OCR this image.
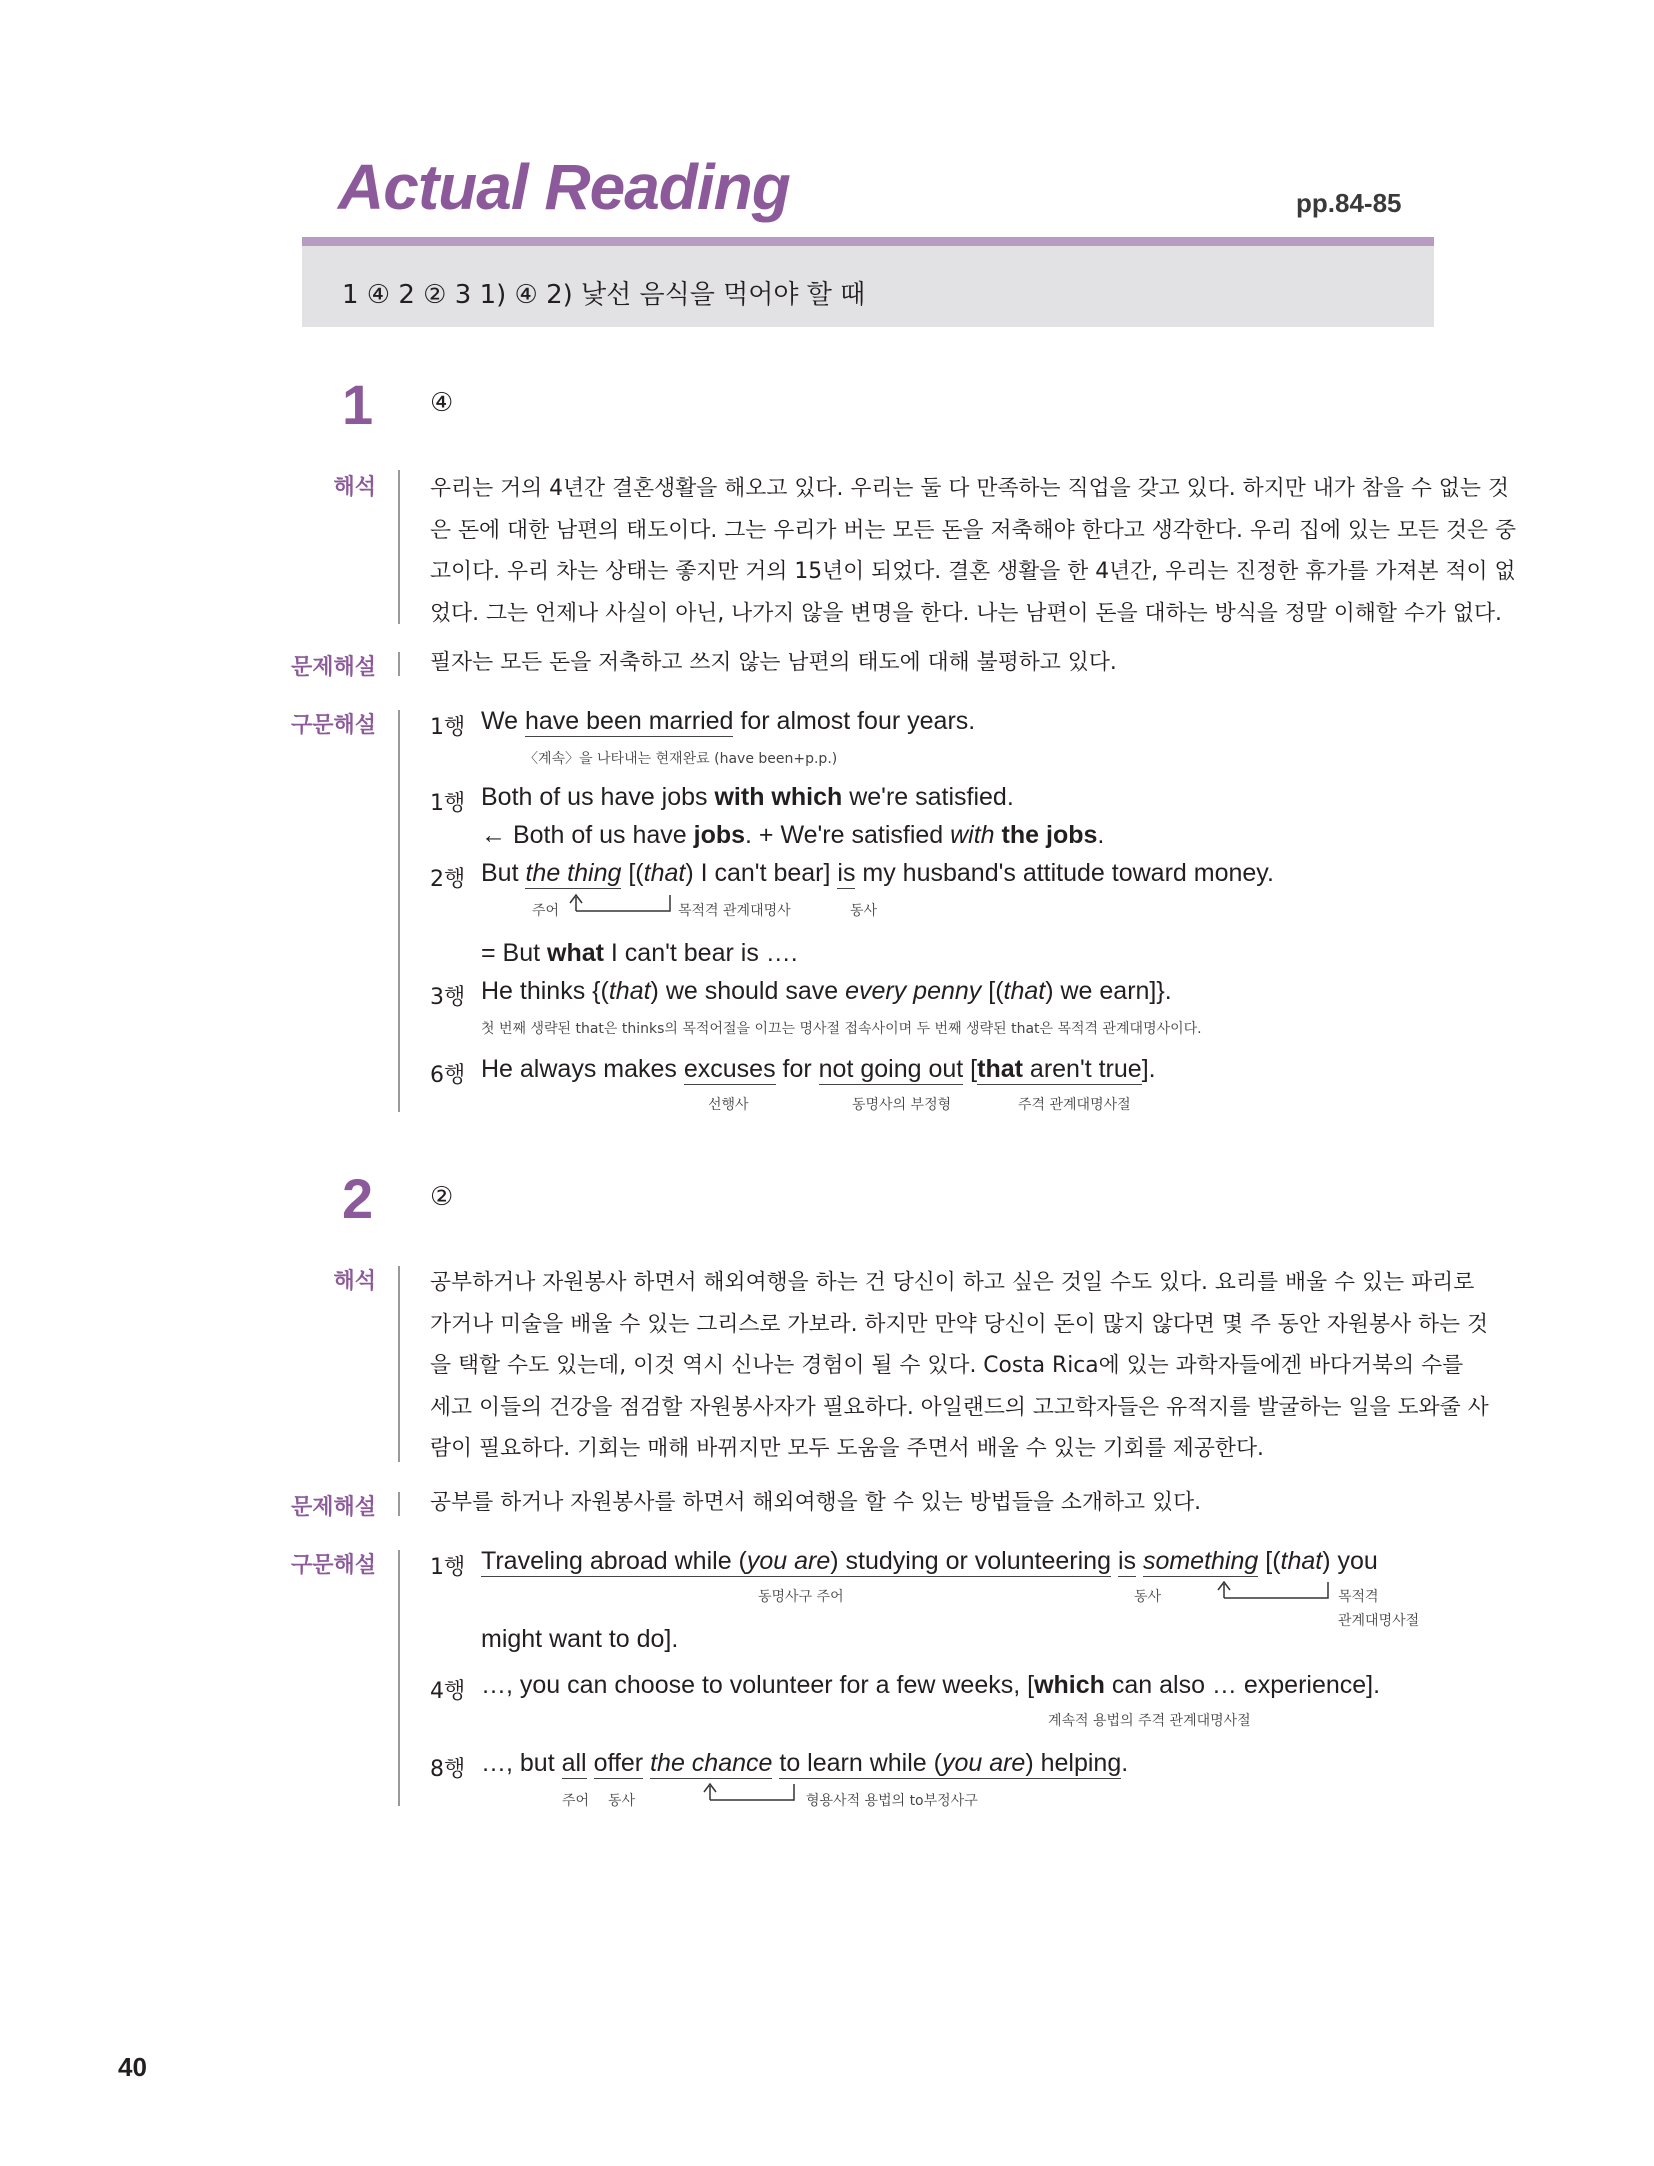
Actual Reading	pp.84-85
1 ④ 2 ② 3 1) ④ 2) 낯선 음식을 먹어야 할 때
1 ④
해석 우리는 거의 4년간 결혼생활을 해오고 있다. 우리는 둘 다 만족하는 직업을 갖고 있다. 하지만 내가 참을 수 없는 것
은 돈에 대한 남편의 태도이다. 그는 우리가 버는 모든 돈을 저축해야 한다고 생각한다. 우리 집에 있는 모든 것은 중
고이다. 우리 차는 상태는 좋지만 거의 15년이 되었다. 결혼 생활을 한 4년간, 우리는 진정한 휴가를 가져본 적이 없
었다. 그는 언제나 사실이 아닌, 나가지 않을 변명을 한다. 나는 남편이 돈을 대하는 방식을 정말 이해할 수가 없다.
문제해설 필자는 모든 돈을 저축하고 쓰지 않는 남편의 태도에 대해 불평하고 있다.
구문해설 1행 We have been married for almost four years.
〈계속〉을 나타내는 현재완료 (have been+p.p.)
1행 Both of us have jobs with which we're satisfied.
← Both of us have jobs. + We're satisfied with the jobs.
2행 But the thing [(that) I can't bear] is my husband's attitude toward money.
주어	목적격 관계대명사	동사
= But what I can't bear is ….
3행 He thinks {(that) we should save every penny [(that) we earn]}.
첫 번째 생략된 that은 thinks의 목적어절을 이끄는 명사절 접속사이며 두 번째 생략된 that은 목적격 관계대명사이다.
6행 He always makes excuses for not going out [that aren't true].
선행사	동명사의 부정형	주격 관계대명사절
2 ②
해석 공부하거나 자원봉사 하면서 해외여행을 하는 건 당신이 하고 싶은 것일 수도 있다. 요리를 배울 수 있는 파리로
가거나 미술을 배울 수 있는 그리스로 가보라. 하지만 만약 당신이 돈이 많지 않다면 몇 주 동안 자원봉사 하는 것
을 택할 수도 있는데, 이것 역시 신나는 경험이 될 수 있다. Costa Rica에 있는 과학자들에겐 바다거북의 수를
세고 이들의 건강을 점검할 자원봉사자가 필요하다. 아일랜드의 고고학자들은 유적지를 발굴하는 일을 도와줄 사
람이 필요하다. 기회는 매해 바뀌지만 모두 도움을 주면서 배울 수 있는 기회를 제공한다.
문제해설 공부를 하거나 자원봉사를 하면서 해외여행을 할 수 있는 방법들을 소개하고 있다.
구문해설 1행 Traveling abroad while (you are) studying or volunteering is something [(that) you
동명사구 주어	동사	목적격
관계대명사절
might want to do].
4행 …, you can choose to volunteer for a few weeks, [which can also … experience].
계속적 용법의 주격 관계대명사절
8행 …, but all offer the chance to learn while (you are) helping.
주어 동사	형용사적 용법의 to부정사구
40
